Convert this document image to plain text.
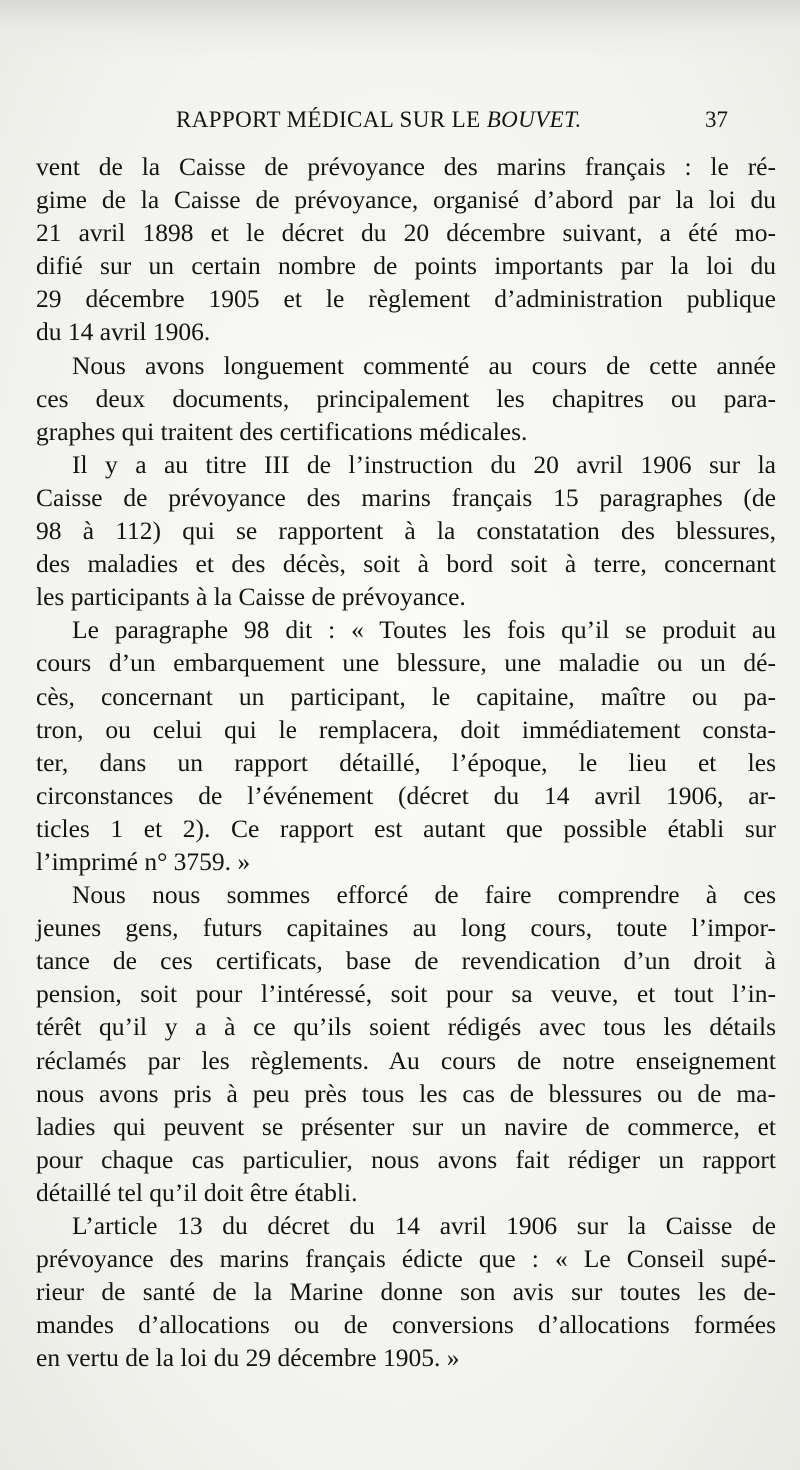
RAPPORT MÉDICAL SUR LE BOUVET.	37
vent de la Caisse de prévoyance des marins français : le ré-
gime de la Caisse de prévoyance, organisé d’abord par la loi du
21 avril 1898 et le décret du 20 décembre suivant, a été mo-
difié sur un certain nombre de points importants par la loi du
29 décembre 1905 et le règlement d’administration publique
du 14 avril 1906.
Nous avons longuement commenté au cours de cette année
ces deux documents, principalement les chapitres ou para-
graphes qui traitent des certifications médicales.
Il y a au titre III de l’instruction du 20 avril 1906 sur la
Caisse de prévoyance des marins français 15 paragraphes (de
98 à 112) qui se rapportent à la constatation des blessures,
des maladies et des décès, soit à bord soit à terre, concernant
les participants à la Caisse de prévoyance.
Le paragraphe 98 dit : « Toutes les fois qu’il se produit au
cours d’un embarquement une blessure, une maladie ou un dé-
cès, concernant un participant, le capitaine, maître ou pa-
tron, ou celui qui le remplacera, doit immédiatement consta-
ter, dans un rapport détaillé, l’époque, le lieu et les
circonstances de l’événement (décret du 14 avril 1906, ar-
ticles 1 et 2). Ce rapport est autant que possible établi sur
l’imprimé n° 3759. »
Nous nous sommes efforcé de faire comprendre à ces
jeunes gens, futurs capitaines au long cours, toute l’impor-
tance de ces certificats, base de revendication d’un droit à
pension, soit pour l’intéressé, soit pour sa veuve, et tout l’in-
térêt qu’il y a à ce qu’ils soient rédigés avec tous les détails
réclamés par les règlements. Au cours de notre enseignement
nous avons pris à peu près tous les cas de blessures ou de ma-
ladies qui peuvent se présenter sur un navire de commerce, et
pour chaque cas particulier, nous avons fait rédiger un rapport
détaillé tel qu’il doit être établi.
L’article 13 du décret du 14 avril 1906 sur la Caisse de
prévoyance des marins français édicte que : « Le Conseil supé-
rieur de santé de la Marine donne son avis sur toutes les de-
mandes d’allocations ou de conversions d’allocations formées
en vertu de la loi du 29 décembre 1905. »
